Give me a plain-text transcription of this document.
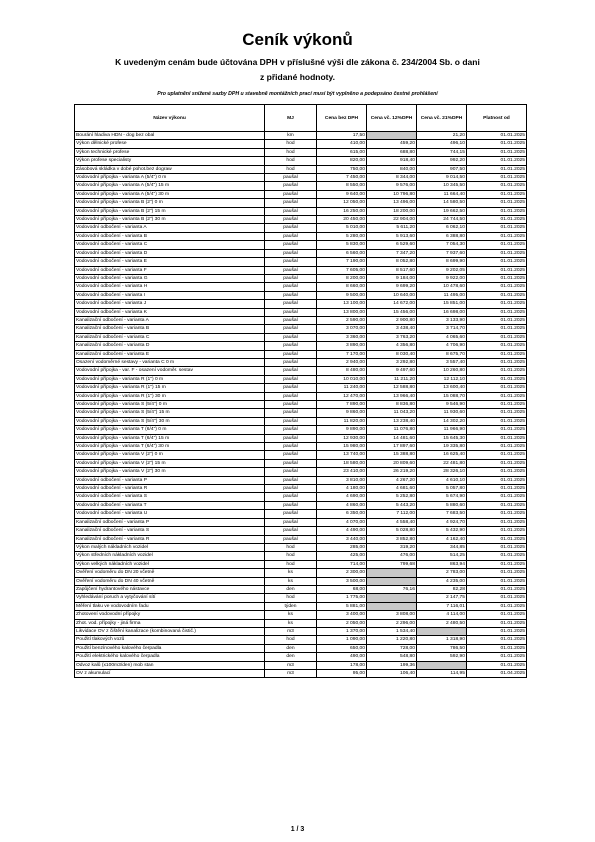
Ceník výkonů
K uvedeným cenám bude účtována DPH v příslušné výši dle zákona č. 234/2004 Sb. o dani
z přidané hodnoty.
Pro uplatnění snížené sazby DPH u stavebně montážních prací musí být vyplněno a podepsáno čestné prohlášení
Název výkonu	MJ	Cena bez DPH	Cena vč. 12%DPH	Cena vč. 21%DPH	Platnost od
Bourání hladiva HDN - dog bez obal	km	17,50		21,20	01.01.2025
Výkon dělnické profese	hod	410,00	459,20	496,10	01.01.2025
Výkon technické profese	hod	615,00	688,80	744,15	01.01.2025
Výkon profese specialisty	hod	820,00	918,40	992,20	01.01.2025
Zásobová skládka v dobé pohot.bez dograw	hod	750,00	840,00	907,50	01.01.2025
Vodovodní přípojka - varianta A (5/4") 0 m	paušal	7 450,00	8 344,00	9 014,50	01.01.2025
Vodovodní přípojka - varianta A (5/4") 15 m	paušal	8 550,00	9 576,00	10 345,50	01.01.2025
Vodovodní přípojka - varianta A (5/4") 30 m	paušal	9 640,00	10 796,80	11 664,40	01.01.2025
Vodovodní přípojka - varianta B (2") 0 m	paušal	12 050,00	13 496,00	14 580,50	01.01.2025
Vodovodní přípojka - varianta B (2") 15 m	paušal	16 250,00	18 200,00	19 662,50	01.01.2025
Vodovodní přípojka - varianta B (2") 30 m	paušal	20 450,00	22 904,00	24 744,50	01.01.2025
Vodovodní odbočení - varianta A	paušal	5 010,00	5 611,20	6 062,10	01.01.2025
Vodovodní odbočení - varianta B	paušal	5 280,00	5 913,60	6 388,80	01.01.2025
Vodovodní odbočení - varianta C	paušal	5 830,00	6 529,60	7 054,30	01.01.2025
Vodovodní odbočení - varianta D	paušal	6 560,00	7 347,20	7 937,60	01.01.2025
Vodovodní odbočení - varianta E	paušal	7 190,00	8 052,80	8 699,90	01.01.2025
Vodovodní odbočení - varianta F	paušal	7 605,00	8 517,60	9 202,05	01.01.2025
Vodovodní odbočení - varianta G	paušal	8 200,00	9 184,00	9 922,00	01.01.2025
Vodovodní odbočení - varianta H	paušal	8 660,00	9 699,20	10 478,60	01.01.2025
Vodovodní odbočení - varianta I	paušal	9 500,00	10 640,00	11 495,00	01.01.2025
Vodovodní odbočení - varianta J	paušal	13 100,00	14 672,00	15 851,00	01.01.2025
Vodovodní odbočení - varianta K	paušal	13 800,00	15 456,00	16 698,00	01.01.2025
Kanalizační odbočení - varianta A	paušal	2 590,00	2 900,80	3 133,90	01.01.2025
Kanalizační odbočení - varianta B	paušal	3 070,00	3 438,40	3 714,70	01.01.2025
Kanalizační odbočení - varianta C	paušal	3 360,00	3 763,20	4 065,60	01.01.2025
Kanalizační odbočení - varianta D	paušal	3 890,00	4 356,80	4 706,90	01.01.2025
Kanalizační odbočení - varianta E	paušal	7 170,00	8 030,40	8 675,70	01.01.2025
Osazení vodoměrné sestavy - varianta C 0 m	paušal	2 940,00	3 292,80	3 557,40	01.01.2025
Vodovodní přípojka - var. F - osazení vodoměr. sestav	paušal	8 480,00	9 497,60	10 260,80	01.01.2025
Vodovodní přípojka - varianta R (1") 0 m	paušal	10 010,00	11 211,20	12 112,10	01.01.2025
Vodovodní přípojka - varianta R (1") 15 m	paušal	11 240,00	12 588,80	13 600,40	01.01.2025
Vodovodní přípojka - varianta R (1") 30 m	paušal	12 470,00	13 966,40	15 088,70	01.01.2025
Vodovodní přípojka - varianta S (5/4") 0 m	paušal	7 890,00	8 836,80	9 546,90	01.01.2025
Vodovodní přípojka - varianta S (5/4") 15 m	paušal	9 860,00	11 043,20	11 930,60	01.01.2025
Vodovodní přípojka - varianta S (5/4") 30 m	paušal	11 820,00	13 238,40	14 302,20	01.01.2025
Vodovodní přípojka - varianta T (6/4") 0 m	paušal	9 890,00	11 076,80	11 966,90	01.01.2025
Vodovodní přípojka - varianta T (6/4") 15 m	paušal	12 930,00	14 481,60	15 645,30	01.01.2025
Vodovodní přípojka - varianta T (6/4") 30 m	paušal	15 980,00	17 897,60	19 335,80	01.01.2025
Vodovodní přípojka - varianta V (2") 0 m	paušal	13 740,00	15 388,80	16 625,40	01.01.2025
Vodovodní přípojka - varianta V (2") 15 m	paušal	18 580,00	20 809,60	22 481,80	01.01.2025
Vodovodní přípojka - varianta V (2") 30 m	paušal	23 410,00	26 219,20	28 326,10	01.01.2025
Vodovodní odbočení - varianta P	paušal	3 810,00	4 267,20	4 610,10	01.01.2025
Vodovodní odbočení - varianta R	paušal	4 180,00	4 681,60	5 057,80	01.01.2025
Vodovodní odbočení - varianta S	paušal	4 690,00	5 252,80	5 674,90	01.01.2025
Vodovodní odbočení - varianta T	paušal	4 860,00	5 443,20	5 880,60	01.01.2025
Vodovodní odbočení - varianta U	paušal	6 350,00	7 112,00	7 683,50	01.01.2025
Kanalizační odbočení - varianta P	paušal	4 070,00	4 558,40	4 924,70	01.01.2025
Kanalizační odbočení - varianta S	paušal	4 490,00	5 028,80	5 432,90	01.01.2025
Kanalizační odbočení - varianta R	paušal	3 440,00	3 852,80	4 162,40	01.01.2025
Výkon malých nákladních vozidel	hod	285,00	319,20	344,85	01.01.2025
Výkon středních nákladních vozidel	hod	425,00	476,00	514,25	01.01.2025
Výkon velkých nákladních vozidel	hod	714,00	799,68	863,94	01.01.2025
Ověření vodoměru do DN 20 včetně	ks	2 300,00		2 783,00	01.01.2025
Ověření vodoměru do DN 40 včetně	ks	3 500,00		4 235,00	01.01.2025
Zapůjčení hydrantového nástavce	den	68,00	76,16	82,28	01.01.2025
Vyhledávání poruch a vytyčování sítí	hod	1 775,00		2 147,75	01.01.2025
Měření tlaku ve vodovodním řadu	týden	5 881,00		7 116,01	01.01.2025
Zhotovení vodovodní přípojky	ks	3 400,00	3 808,00	4 114,00	01.01.2025
Zhot. vod. přípojky - jiná firma	ks	2 050,00	2 296,00	2 480,50	01.01.2025
Likvidace OV z čištění kanalizace (kombinovaná čistič.)	m3	1 370,00	1 534,40		01.01.2025
Použití tlakových vozů	hod	1 090,00	1 220,80	1 318,90	01.01.2025
Použití benzínového kalového čerpadla	den	650,00	728,00	786,50	01.01.2025
Použití elektrického kalového čerpadla	den	490,00	548,80	592,90	01.01.2025
Odvoz kalů (x100m3/den) mob stan	m3	178,00	199,36		01.01.2025
OV z akumulací	m3	95,00	106,40	114,95	01.04.2025
1 / 3
